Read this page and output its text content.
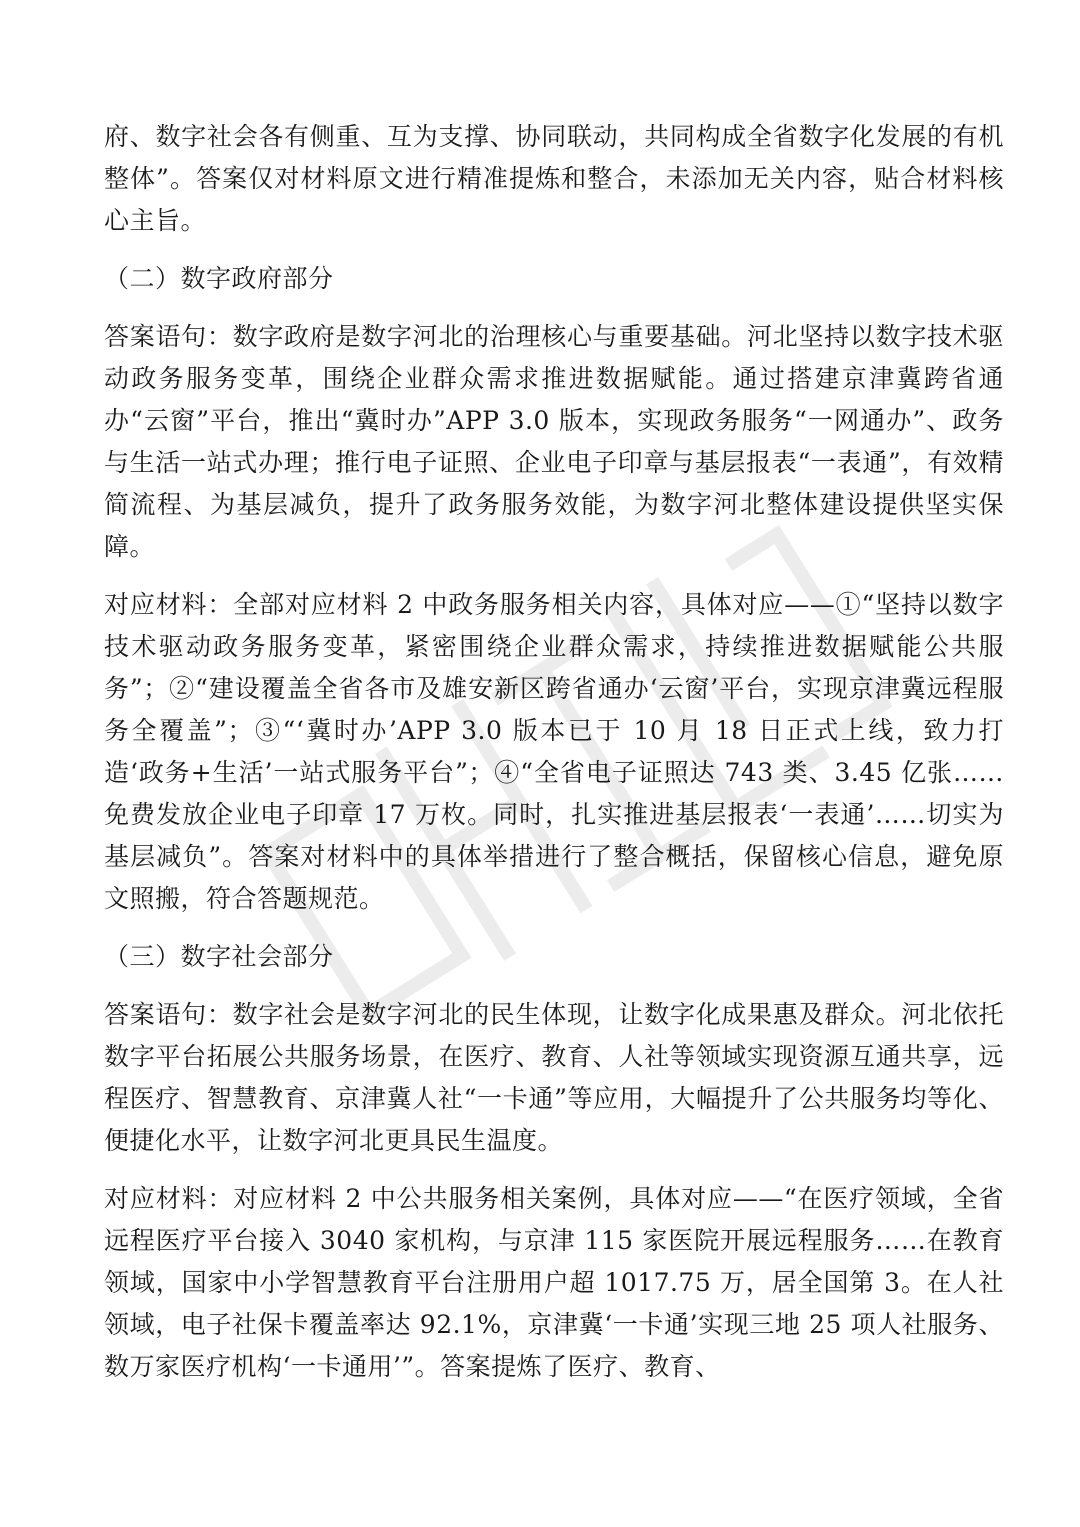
府、数字社会各有侧重、互为支撑、协同联动，共同构成全省数字化发展的有机整体”。答案仅对材料原文进行精准提炼和整合，未添加无关内容，贴合材料核心主旨。

（二）数字政府部分

答案语句：数字政府是数字河北的治理核心与重要基础。河北坚持以数字技术驱动政务服务变革，围绕企业群众需求推进数据赋能。通过搭建京津冀跨省通办“云窗”平台，推出“冀时办”APP 3.0 版本，实现政务服务“一网通办”、政务与生活一站式办理；推行电子证照、企业电子印章与基层报表“一表通”，有效精简流程、为基层减负，提升了政务服务效能，为数字河北整体建设提供坚实保障。

对应材料：全部对应材料 2 中政务服务相关内容，具体对应——①“坚持以数字技术驱动政务服务变革，紧密围绕企业群众需求，持续推进数据赋能公共服务”；②“建设覆盖全省各市及雄安新区跨省通办‘云窗’平台，实现京津冀远程服务全覆盖”；③“‘冀时办’APP 3.0 版本已于 10 月 18 日正式上线，致力打造‘政务+生活’一站式服务平台”；④“全省电子证照达 743 类、3.45 亿张……免费发放企业电子印章 17 万枚。同时，扎实推进基层报表‘一表通’……切实为基层减负”。答案对材料中的具体举措进行了整合概括，保留核心信息，避免原文照搬，符合答题规范。

（三）数字社会部分

答案语句：数字社会是数字河北的民生体现，让数字化成果惠及群众。河北依托数字平台拓展公共服务场景，在医疗、教育、人社等领域实现资源互通共享，远程医疗、智慧教育、京津冀人社“一卡通”等应用，大幅提升了公共服务均等化、便捷化水平，让数字河北更具民生温度。

对应材料：对应材料 2 中公共服务相关案例，具体对应——“在医疗领域，全省远程医疗平台接入 3040 家机构，与京津 115 家医院开展远程服务……在教育领域，国家中小学智慧教育平台注册用户超 1017.75 万，居全国第 3。在人社领域，电子社保卡覆盖率达 92.1%，京津冀‘一卡通’实现三地 25 项人社服务、数万家医疗机构‘一卡通用’”。答案提炼了医疗、教育、
